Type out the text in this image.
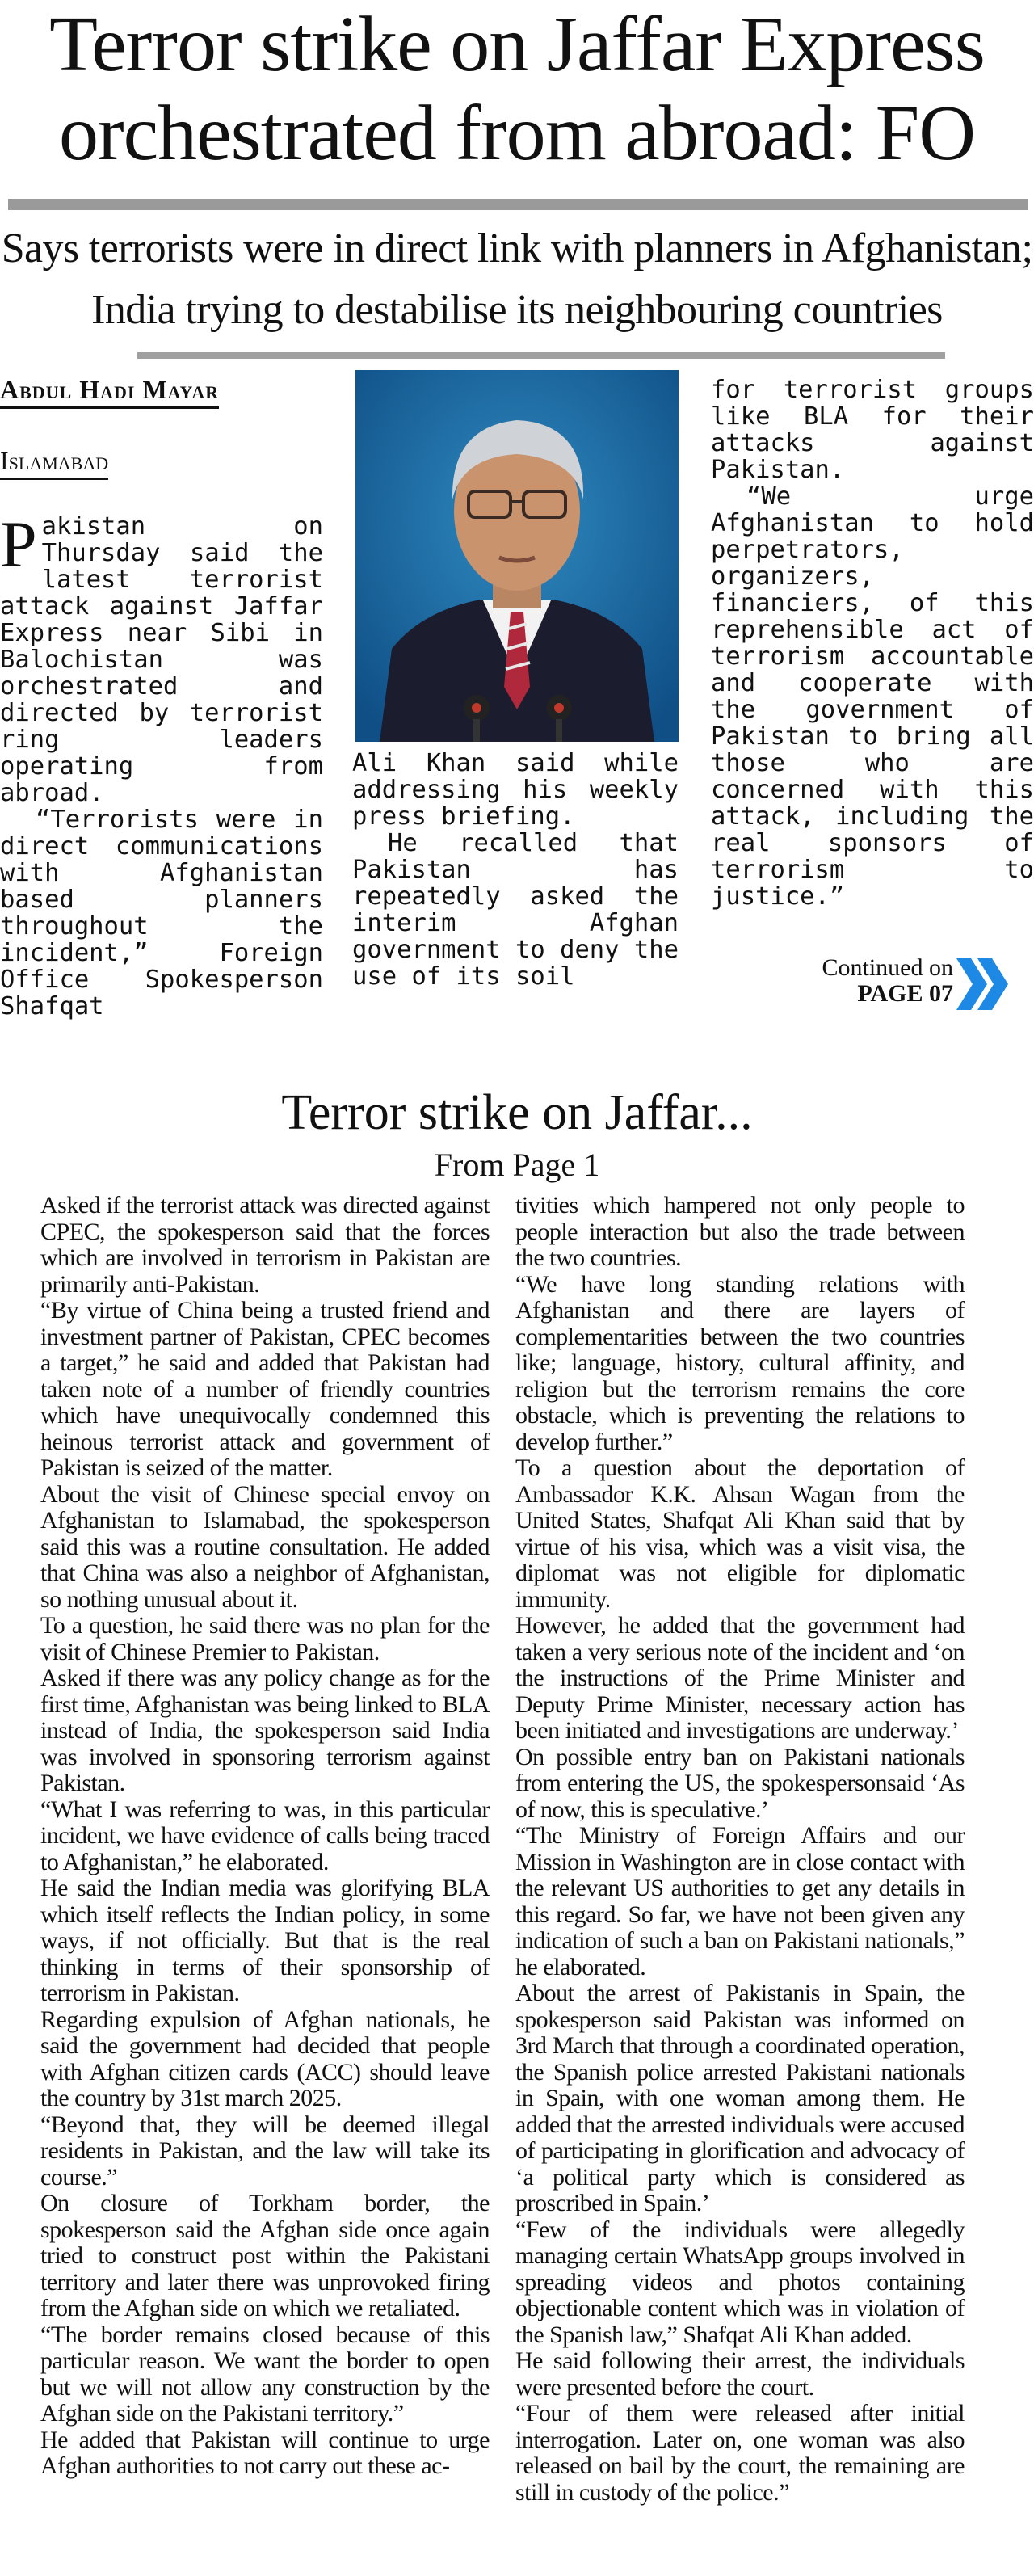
Terror strike on Jaffar Express orchestrated from abroad: FO
Says terrorists were in direct link with planners in Afghanistan; India trying to destabilise its neighbouring countries
Abdul Hadi Mayar
Islamabad

Pakistan on Thursday said the latest terrorist attack against Jaffar Express near Sibi in Balochistan was orchestrated and directed by terrorist ring leaders operating from abroad.

“Terrorists were in direct communications with Afghanistan based planners throughout the incident,” Foreign Office Spokesperson Shafqat

Ali Khan said while addressing his weekly press briefing.

He recalled that Pakistan has repeatedly asked the interim Afghan government to deny the use of its soil

for terrorist groups like BLA for their attacks against Pakistan.

“We urge Afghanistan to hold perpetrators, organizers, financiers, of this reprehensible act of terrorism accountable and cooperate with the government of Pakistan to bring all those who are concerned with this attack, including the real sponsors of terrorism to justice.”

Continued on
PAGE 07
Terror strike on Jaffar...
From Page 1

Asked if the terrorist attack was directed against CPEC, the spokesperson said that the forces which are involved in terrorism in Pakistan are primarily anti-Pakistan.

“By virtue of China being a trusted friend and investment partner of Pakistan, CPEC becomes a target,” he said and added that Pakistan had taken note of a number of friendly countries which have unequivocally condemned this heinous terrorist attack and government of Pakistan is seized of the matter.

About the visit of Chinese special envoy on Afghanistan to Islamabad, the spokesperson said this was a routine consultation. He added that China was also a neighbor of Afghanistan, so nothing unusual about it.

To a question, he said there was no plan for the visit of Chinese Premier to Pakistan.

Asked if there was any policy change as for the first time, Afghanistan was being linked to BLA instead of India, the spokesperson said India was involved in sponsoring terrorism against Pakistan.

“What I was referring to was, in this particular incident, we have evidence of calls being traced to Afghanistan,” he elaborated.

He said the Indian media was glorifying BLA which itself reflects the Indian policy, in some ways, if not officially. But that is the real thinking in terms of their sponsorship of terrorism in Pakistan.

Regarding expulsion of Afghan nationals, he said the government had decided that people with Afghan citizen cards (ACC) should leave the country by 31st march 2025.

“Beyond that, they will be deemed illegal residents in Pakistan, and the law will take its course.”

On closure of Torkham border, the spokesperson said the Afghan side once again tried to construct post within the Pakistani territory and later there was unprovoked firing from the Afghan side on which we retaliated.

“The border remains closed because of this particular reason. We want the border to open but we will not allow any construction by the Afghan side on the Pakistani territory.”

He added that Pakistan will continue to urge Afghan authorities to not carry out these ac-

tivities which hampered not only people to people interaction but also the trade between the two countries.

“We have long standing relations with Afghanistan and there are layers of complementarities between the two countries like; language, history, cultural affinity, and religion but the terrorism remains the core obstacle, which is preventing the relations to develop further.”

To a question about the deportation of Ambassador K.K. Ahsan Wagan from the United States, Shafqat Ali Khan said that by virtue of his visa, which was a visit visa, the diplomat was not eligible for diplomatic immunity.

However, he added that the government had taken a very serious note of the incident and ‘on the instructions of the Prime Minister and Deputy Prime Minister, necessary action has been initiated and investigations are underway.’

On possible entry ban on Pakistani nationals from entering the US, the spokespersonsaid ‘As of now, this is speculative.’

“The Ministry of Foreign Affairs and our Mission in Washington are in close contact with the relevant US authorities to get any details in this regard. So far, we have not been given any indication of such a ban on Pakistani nationals,” he elaborated.

About the arrest of Pakistanis in Spain, the spokesperson said Pakistan was informed on 3rd March that through a coordinated operation, the Spanish police arrested Pakistani nationals in Spain, with one woman among them. He added that the arrested individuals were accused of participating in glorification and advocacy of ‘a political party which is considered as proscribed in Spain.’

“Few of the individuals were allegedly managing certain WhatsApp groups involved in spreading videos and photos containing objectionable content which was in violation of the Spanish law,” Shafqat Ali Khan added.

He said following their arrest, the individuals were presented before the court.

“Four of them were released after initial interrogation. Later on, one woman was also released on bail by the court, the remaining are still in custody of the police.”
